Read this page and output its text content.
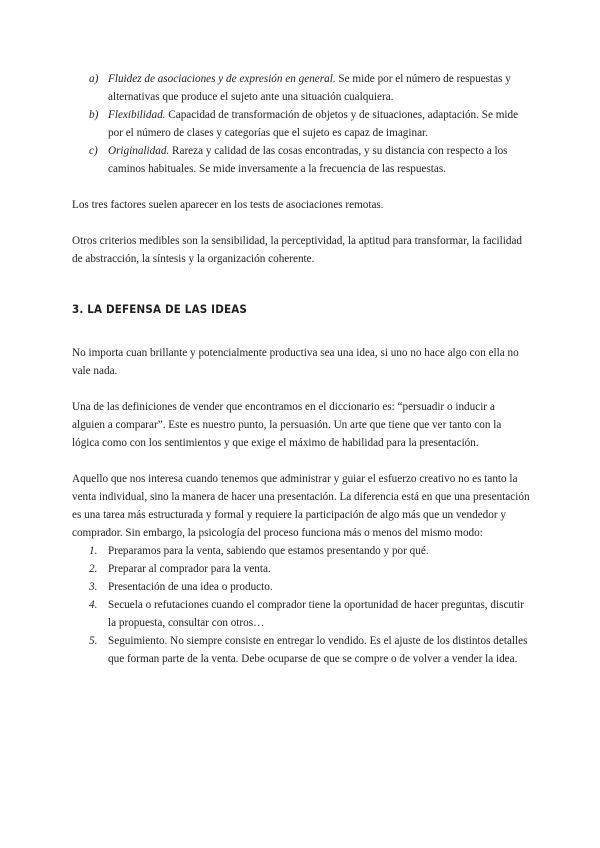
a) Fluidez de asociaciones y de expresión en general. Se mide por el número de respuestas y alternativas que produce el sujeto ante una situación cualquiera.
b) Flexibilidad. Capacidad de transformación de objetos y de situaciones, adaptación. Se mide por el número de clases y categorías que el sujeto es capaz de imaginar.
c) Originalidad. Rareza y calidad de las cosas encontradas, y su distancia con respecto a los caminos habituales. Se mide inversamente a la frecuencia de las respuestas.

Los tres factores suelen aparecer en los tests de asociaciones remotas.

Otros criterios medibles son la sensibilidad, la perceptividad, la aptitud para transformar, la facilidad de abstracción, la síntesis y la organización coherente.

3. LA DEFENSA DE LAS IDEAS

No importa cuan brillante y potencialmente productiva sea una idea, si uno no hace algo con ella no vale nada.

Una de las definiciones de vender que encontramos en el diccionario es: “persuadir o inducir a alguien a comparar”. Este es nuestro punto, la persuasión. Un arte que tiene que ver tanto con la lógica como con los sentimientos y que exige el máximo de habilidad para la presentación.

Aquello que nos interesa cuando tenemos que administrar y guiar el esfuerzo creativo no es tanto la venta individual, sino la manera de hacer una presentación. La diferencia está en que una presentación es una tarea más estructurada y formal y requiere la participación de algo más que un vendedor y comprador. Sin embargo, la psicología del proceso funciona más o menos del mismo modo:

1. Preparamos para la venta, sabiendo que estamos presentando y por qué.
2. Preparar al comprador para la venta.
3. Presentación de una idea o producto.
4. Secuela o refutaciones cuando el comprador tiene la oportunidad de hacer preguntas, discutir la propuesta, consultar con otros…
5. Seguimiento. No siempre consiste en entregar lo vendido. Es el ajuste de los distintos detalles que forman parte de la venta. Debe ocuparse de que se compre o de volver a vender la idea.
